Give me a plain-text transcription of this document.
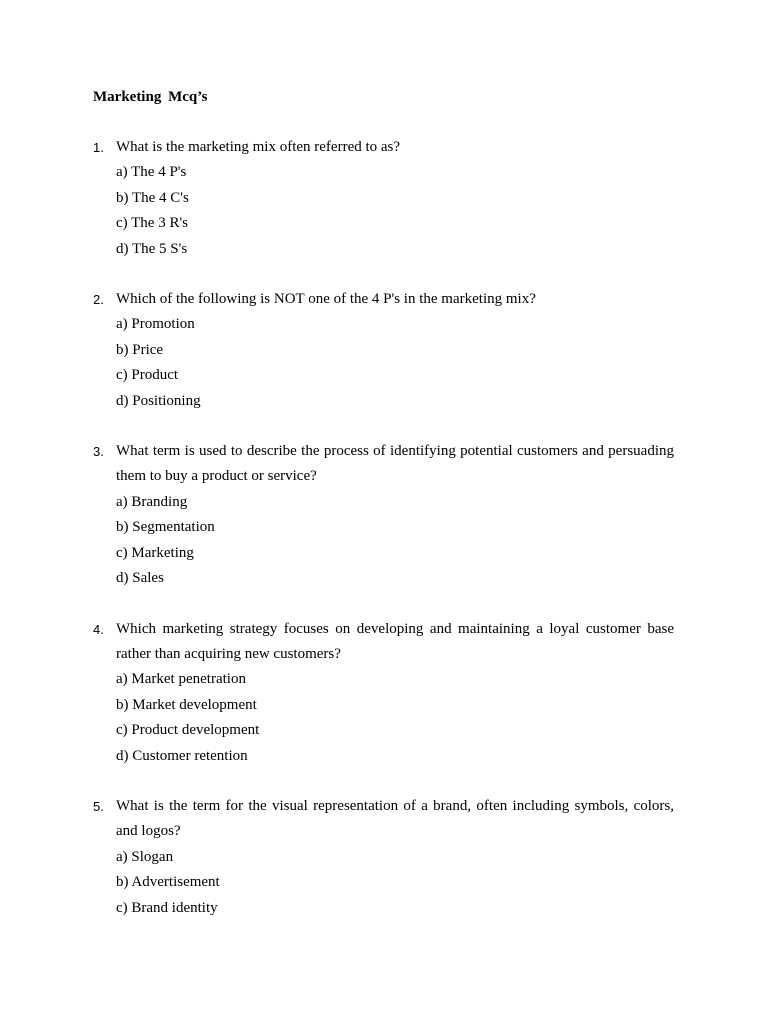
Marketing Mcq’s
1. What is the marketing mix often referred to as?
a) The 4 P's
b) The 4 C's
c) The 3 R's
d) The 5 S's
2. Which of the following is NOT one of the 4 P's in the marketing mix?
a) Promotion
b) Price
c) Product
d) Positioning
3. What term is used to describe the process of identifying potential customers and persuading them to buy a product or service?
a) Branding
b) Segmentation
c) Marketing
d) Sales
4. Which marketing strategy focuses on developing and maintaining a loyal customer base rather than acquiring new customers?
a) Market penetration
b) Market development
c) Product development
d) Customer retention
5. What is the term for the visual representation of a brand, often including symbols, colors, and logos?
a) Slogan
b) Advertisement
c) Brand identity
